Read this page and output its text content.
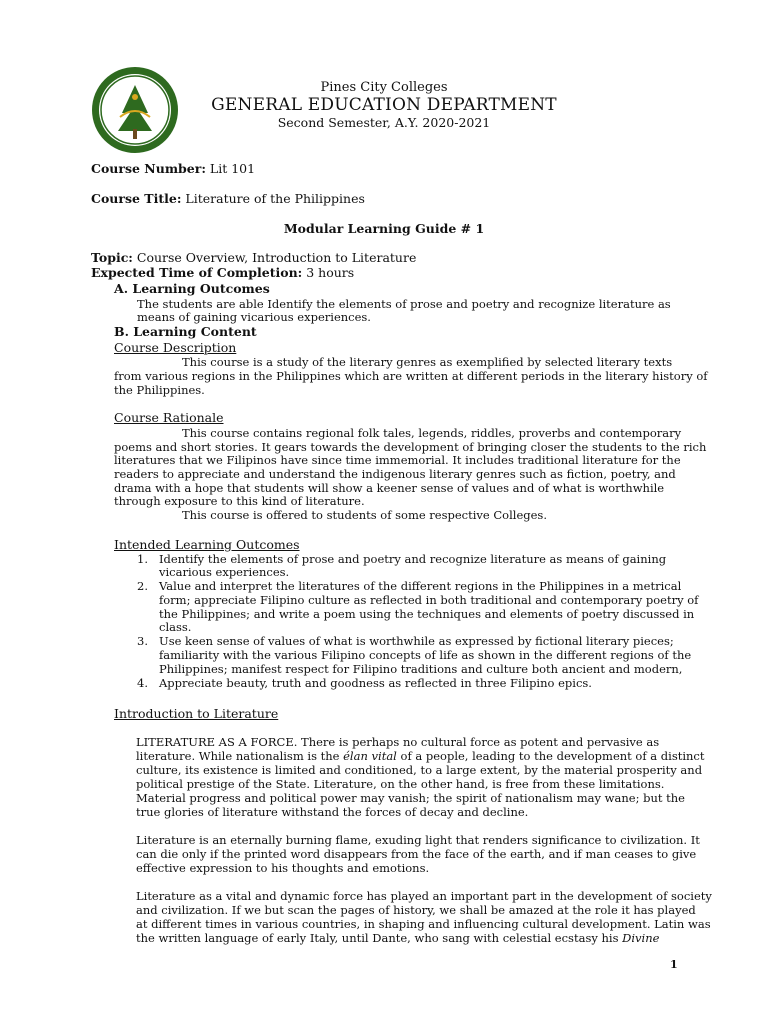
Pines City Colleges
GENERAL EDUCATION DEPARTMENT
Second Semester, A.Y. 2020-2021
Course Number: Lit 101
Course Title: Literature of the Philippines
Modular Learning Guide # 1
Topic: Course Overview, Introduction to Literature
Expected Time of Completion: 3 hours
A. Learning Outcomes
The students are able Identify the elements of prose and poetry and recognize literature as
means of gaining vicarious experiences.
B. Learning Content
Course Description
This course is a study of the literary genres as exemplified by selected literary texts
from various regions in the Philippines which are written at different periods in the literary history of
the Philippines.
Course Rationale
This course contains regional folk tales, legends, riddles, proverbs and contemporary
poems and short stories. It gears towards the development of bringing closer the students to the rich
literatures that we Filipinos have since time immemorial. It includes traditional literature for the
readers to appreciate and understand the indigenous literary genres such as fiction, poetry, and
drama with a hope that students will show a keener sense of values and of what is worthwhile
through exposure to this kind of literature.
This course is offered to students of some respective Colleges.
Intended Learning Outcomes
1. Identify the elements of prose and poetry and recognize literature as means of gaining
vicarious experiences.
2. Value and interpret the literatures of the different regions in the Philippines in a metrical
form; appreciate Filipino culture as reflected in both traditional and contemporary poetry of
the Philippines; and write a poem using the techniques and elements of poetry discussed in
class.
3. Use keen sense of values of what is worthwhile as expressed by fictional literary pieces;
familiarity with the various Filipino concepts of life as shown in the different regions of the
Philippines; manifest respect for Filipino traditions and culture both ancient and modern,
4. Appreciate beauty, truth and goodness as reflected in three Filipino epics.
Introduction to Literature
LITERATURE AS A FORCE. There is perhaps no cultural force as potent and pervasive as
literature. While nationalism is the élan vital of a people, leading to the development of a distinct
culture, its existence is limited and conditioned, to a large extent, by the material prosperity and
political prestige of the State. Literature, on the other hand, is free from these limitations.
Material progress and political power may vanish; the spirit of nationalism may wane; but the
true glories of literature withstand the forces of decay and decline.
Literature is an eternally burning flame, exuding light that renders significance to civilization. It
can die only if the printed word disappears from the face of the earth, and if man ceases to give
effective expression to his thoughts and emotions.
Literature as a vital and dynamic force has played an important part in the development of society
and civilization. If we but scan the pages of history, we shall be amazed at the role it has played
at different times in various countries, in shaping and influencing cultural development. Latin was
the written language of early Italy, until Dante, who sang with celestial ecstasy his Divine
1
